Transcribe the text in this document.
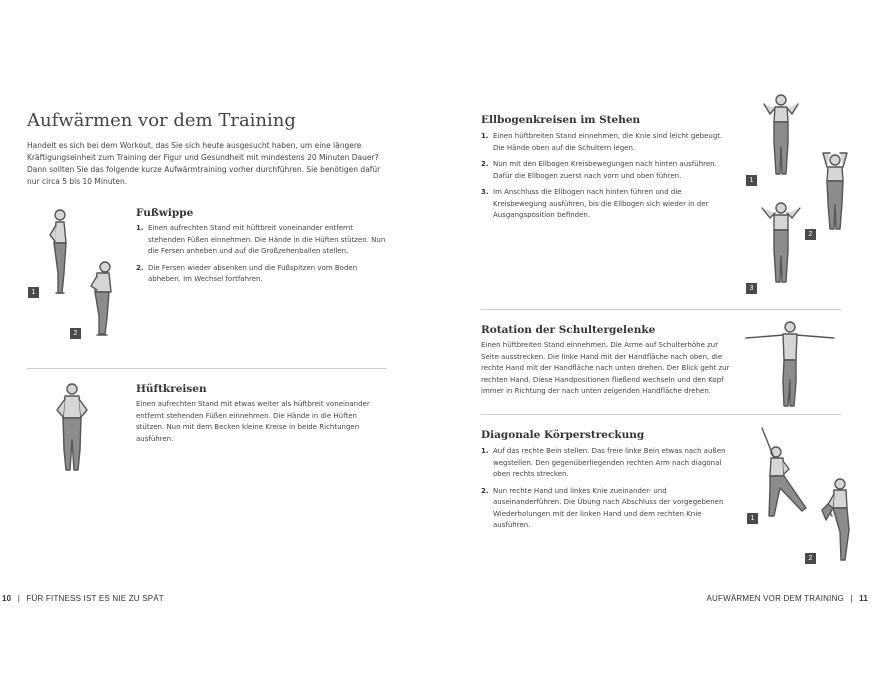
Aufwärmen vor dem Training
Handelt es sich bei dem Workout, das Sie sich heute ausgesucht haben, um eine längere Kräftigungseinheit zum Training der Figur und Gesundheit mit mindestens 20 Minuten Dauer? Dann sollten Sie das folgende kurze Aufwärmtraining vorher durchführen. Sie benötigen dafür nur circa 5 bis 10 Minuten.
1
2
Fußwippe
1. Einen aufrechten Stand mit hüftbreit voneinander entfernt stehenden Füßen einnehmen. Die Hände in die Hüften stützen. Nun die Fersen anheben und auf die Großzehenballen stellen.
2. Die Fersen wieder absenken und die Fußspitzen vom Boden abheben. Im Wechsel fortfahren.
Hüftkreisen
Einen aufrechten Stand mit etwas weiter als hüftbreit voneinander entfernt stehenden Füßen einnehmen. Die Hände in die Hüften stützen. Nun mit dem Becken kleine Kreise in beide Richtungen ausführen.
10 | FÜR FITNESS IST ES NIE ZU SPÄT
Ellbogenkreisen im Stehen
1. Einen hüftbreiten Stand einnehmen, die Knie sind leicht gebeugt. Die Hände oben auf die Schultern legen.
2. Nun mit den Ellbogen Kreisbewegungen nach hinten ausführen. Dafür die Ellbogen zuerst nach vorn und oben führen.
3. Im Anschluss die Ellbogen nach hinten führen und die Kreisbewegung ausführen, bis die Ellbogen sich wieder in der Ausgangsposition befinden.
1
2
3
Rotation der Schultergelenke
Einen hüftbreiten Stand einnehmen. Die Arme auf Schulterhöhe zur Seite ausstrecken. Die linke Hand mit der Handfläche nach oben, die rechte Hand mit der Handfläche nach unten drehen. Der Blick geht zur rechten Hand. Diese Handpositionen fließend wechseln und den Kopf immer in Richtung der nach unten zeigenden Handfläche drehen.
Diagonale Körperstreckung
1. Auf das rechte Bein stellen. Das freie linke Bein etwas nach außen wegstellen. Den gegenüberliegenden rechten Arm nach diagonal oben rechts strecken.
2. Nun rechte Hand und linkes Knie zueinander- und auseinanderführen. Die Übung nach Abschluss der vorgegebenen Wiederholungen mit der linken Hand und dem rechten Knie ausführen.
1
2
AUFWÄRMEN VOR DEM TRAINING | 11
